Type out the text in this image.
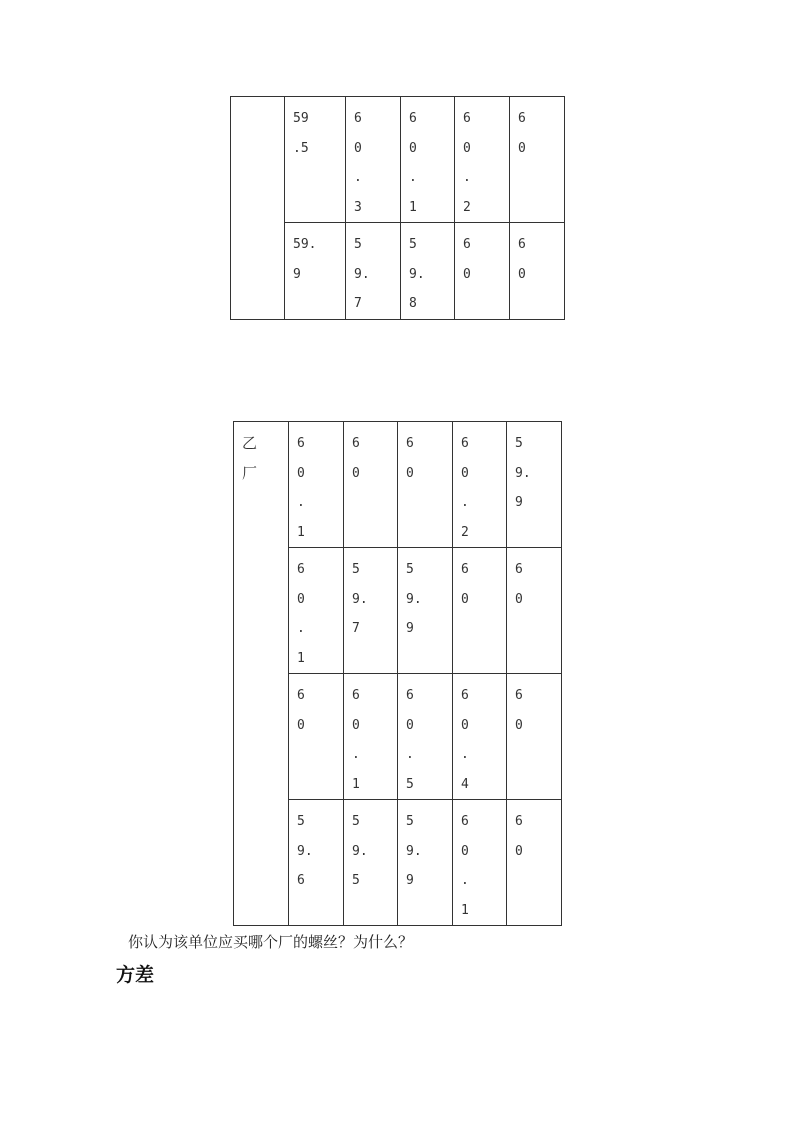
	59
.5	6
0
.
3	6
0
.
1	6
0
.
2	6
0

	59.
9	5
9.
7	5
9.
8	6
0	6
0
乙
厂	6
0
.
1	6
0	6
0	6
0
.
2	5
9.
9

	6
0
.
1	5
9.
7	5
9.
9	6
0	6
0

	6
0	6
0
.
1	6
0
.
5	6
0
.
4	6
0

	5
9.
6	5
9.
5	5
9.
9	6
0
.
1	6
0
你认为该单位应买哪个厂的螺丝？为什么？
方差
